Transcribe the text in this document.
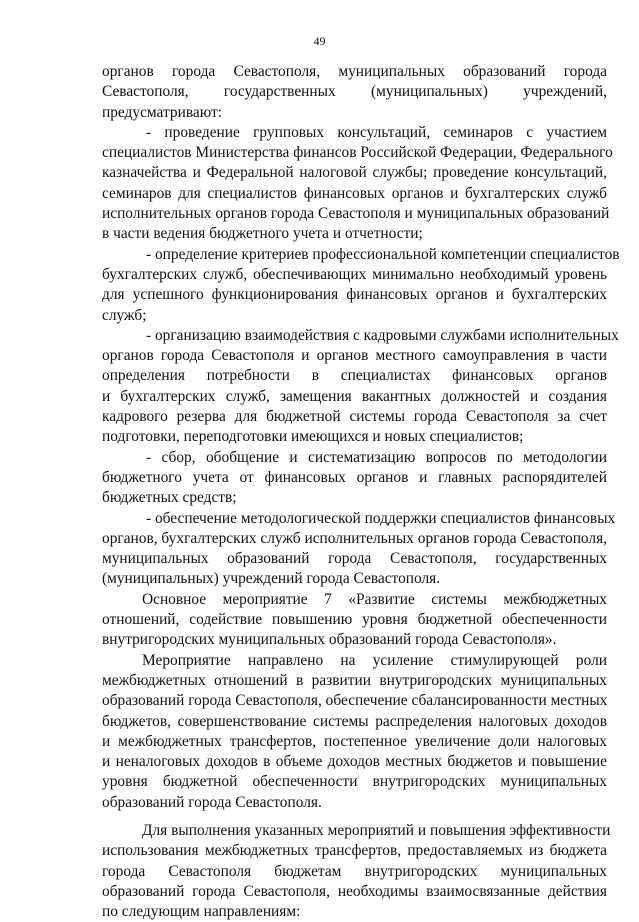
49
органов города Севастополя, муниципальных образований города
Севастополя, государственных (муниципальных) учреждений,
предусматривают:
- проведение групповых консультаций, семинаров с участием
специалистов Министерства финансов Российской Федерации, Федерального
казначейства и Федеральной налоговой службы; проведение консультаций,
семинаров для специалистов финансовых органов и бухгалтерских служб
исполнительных органов города Севастополя и муниципальных образований
в части ведения бюджетного учета и отчетности;
- определение критериев профессиональной компетенции специалистов
бухгалтерских служб, обеспечивающих минимально необходимый уровень
для успешного функционирования финансовых органов и бухгалтерских
служб;
- организацию взаимодействия с кадровыми службами исполнительных
органов города Севастополя и органов местного самоуправления в части
определения потребности в специалистах финансовых органов
и бухгалтерских служб, замещения вакантных должностей и создания
кадрового резерва для бюджетной системы города Севастополя за счет
подготовки, переподготовки имеющихся и новых специалистов;
- сбор, обобщение и систематизацию вопросов по методологии
бюджетного учета от финансовых органов и главных распорядителей
бюджетных средств;
- обеспечение методологической поддержки специалистов финансовых
органов, бухгалтерских служб исполнительных органов города Севастополя,
муниципальных образований города Севастополя, государственных
(муниципальных) учреждений города Севастополя.
Основное мероприятие 7 «Развитие системы межбюджетных
отношений, содействие повышению уровня бюджетной обеспеченности
внутригородских муниципальных образований города Севастополя».
Мероприятие направлено на усиление стимулирующей роли
межбюджетных отношений в развитии внутригородских муниципальных
образований города Севастополя, обеспечение сбалансированности местных
бюджетов, совершенствование системы распределения налоговых доходов
и межбюджетных трансфертов, постепенное увеличение доли налоговых
и неналоговых доходов в объеме доходов местных бюджетов и повышение
уровня бюджетной обеспеченности внутригородских муниципальных
образований города Севастополя.
Для выполнения указанных мероприятий и повышения эффективности
использования межбюджетных трансфертов, предоставляемых из бюджета
города Севастополя бюджетам внутригородских муниципальных
образований города Севастополя, необходимы взаимосвязанные действия
по следующим направлениям:
